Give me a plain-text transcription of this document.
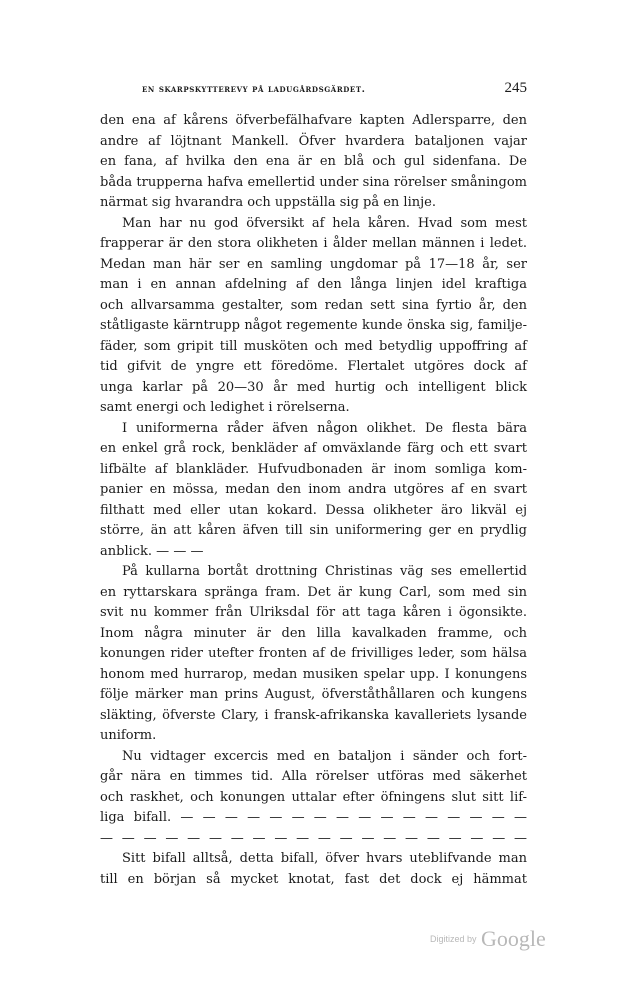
en skarpskytterevy på ladugårdsgärdet.	245
den ena af kårens öfverbefälhafvare kapten Adlersparre, den
andre af löjtnant Mankell. Öfver hvardera bataljonen vajar
en fana, af hvilka den ena är en blå och gul sidenfana. De
båda trupperna hafva emellertid under sina rörelser småningom
närmat sig hvarandra och uppställa sig på en linje.
Man har nu god öfversikt af hela kåren. Hvad som mest
frapperar är den stora olikheten i ålder mellan männen i ledet.
Medan man här ser en samling ungdomar på 17—18 år, ser
man i en annan afdelning af den långa linjen idel kraftiga
och allvarsamma gestalter, som redan sett sina fyrtio år, den
ståtligaste kärntrupp något regemente kunde önska sig, familje-
fäder, som gripit till musköten och med betydlig uppoffring af
tid gifvit de yngre ett föredöme. Flertalet utgöres dock af
unga karlar på 20—30 år med hurtig och intelligent blick
samt energi och ledighet i rörelserna.
I uniformerna råder äfven någon olikhet. De flesta bära
en enkel grå rock, benkläder af omväxlande färg och ett svart
lifbälte af blankläder. Hufvudbonaden är inom somliga kom-
panier en mössa, medan den inom andra utgöres af en svart
filthatt med eller utan kokard. Dessa olikheter äro likväl ej
större, än att kåren äfven till sin uniformering ger en prydlig
anblick. — — —
På kullarna bortåt drottning Christinas väg ses emellertid
en ryttarskara spränga fram. Det är kung Carl, som med sin
svit nu kommer från Ulriksdal för att taga kåren i ögonsikte.
Inom några minuter är den lilla kavalkaden framme, och
konungen rider utefter fronten af de frivilliges leder, som hälsa
honom med hurrarop, medan musiken spelar upp. I konungens
följe märker man prins August, öfverståthållaren och kungens
släkting, öfverste Clary, i fransk-afrikanska kavalleriets lysande
uniform.
Nu vidtager excercis med en bataljon i sänder och fort-
går nära en timmes tid. Alla rörelser utföras med säkerhet
och raskhet, och konungen uttalar efter öfningens slut sitt lif-
liga bifall. — — — — — — — — — — — — — — — —
— — — — — — — — — — — — — — — — — — — —
Sitt bifall alltså, detta bifall, öfver hvars uteblifvande man
till en början så mycket knotat, fast det dock ej hämmat
Digitized by Google
